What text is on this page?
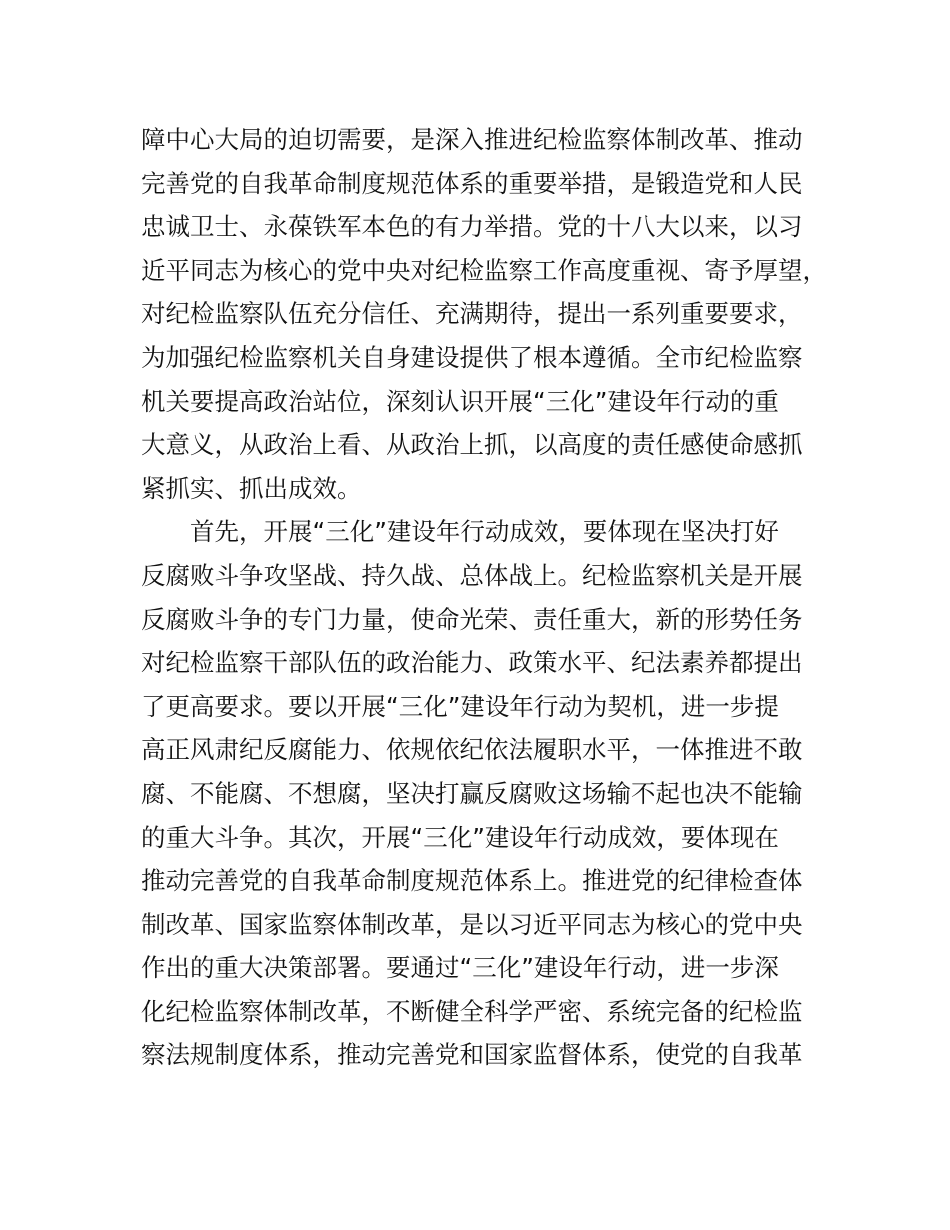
障中心大局的迫切需要，是深入推进纪检监察体制改革、推动
完善党的自我革命制度规范体系的重要举措，是锻造党和人民
忠诚卫士、永葆铁军本色的有力举措。党的十八大以来，以习
近平同志为核心的党中央对纪检监察工作高度重视、寄予厚望，
对纪检监察队伍充分信任、充满期待，提出一系列重要要求，
为加强纪检监察机关自身建设提供了根本遵循。全市纪检监察
机关要提高政治站位，深刻认识开展“三化”建设年行动的重
大意义，从政治上看、从政治上抓，以高度的责任感使命感抓
紧抓实、抓出成效。
首先，开展“三化”建设年行动成效，要体现在坚决打好
反腐败斗争攻坚战、持久战、总体战上。纪检监察机关是开展
反腐败斗争的专门力量，使命光荣、责任重大，新的形势任务
对纪检监察干部队伍的政治能力、政策水平、纪法素养都提出
了更高要求。要以开展“三化”建设年行动为契机，进一步提
高正风肃纪反腐能力、依规依纪依法履职水平，一体推进不敢
腐、不能腐、不想腐，坚决打赢反腐败这场输不起也决不能输
的重大斗争。其次，开展“三化”建设年行动成效，要体现在
推动完善党的自我革命制度规范体系上。推进党的纪律检查体
制改革、国家监察体制改革，是以习近平同志为核心的党中央
作出的重大决策部署。要通过“三化”建设年行动，进一步深
化纪检监察体制改革，不断健全科学严密、系统完备的纪检监
察法规制度体系，推动完善党和国家监督体系，使党的自我革
